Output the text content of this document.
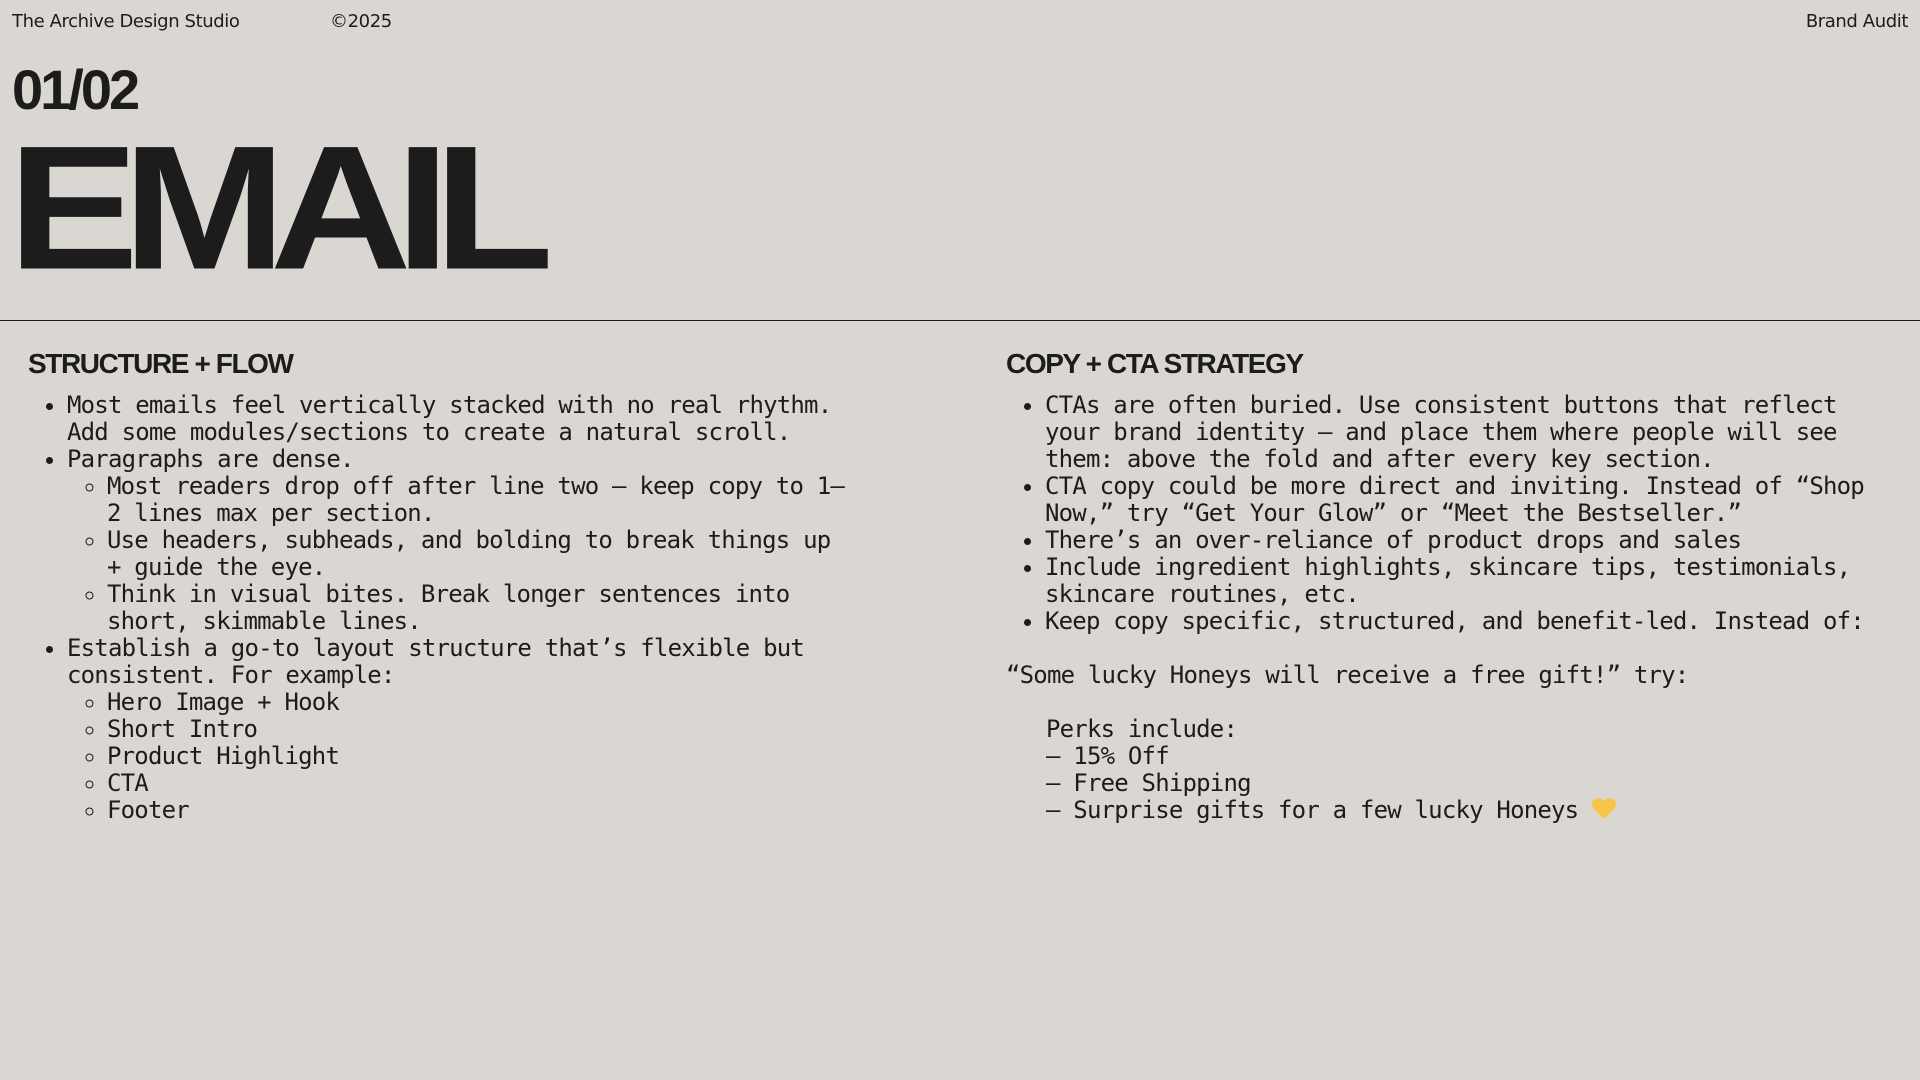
The Archive Design Studio	©2025	Brand Audit
01/02
EMAIL
STRUCTURE + FLOW
• Most emails feel vertically stacked with no real rhythm. Add some modules/sections to create a natural scroll.
• Paragraphs are dense.
◦ Most readers drop off after line two – keep copy to 1–2 lines max per section.
◦ Use headers, subheads, and bolding to break things up + guide the eye.
◦ Think in visual bites. Break longer sentences into short, skimmable lines.
• Establish a go-to layout structure that’s flexible but consistent. For example:
◦ Hero Image + Hook
◦ Short Intro
◦ Product Highlight
◦ CTA
◦ Footer
COPY + CTA STRATEGY
• CTAs are often buried. Use consistent buttons that reflect your brand identity – and place them where people will see them: above the fold and after every key section.
• CTA copy could be more direct and inviting. Instead of “Shop Now,” try “Get Your Glow” or “Meet the Bestseller.”
• There’s an over-reliance of product drops and sales
• Include ingredient highlights, skincare tips, testimonials, skincare routines, etc.
• Keep copy specific, structured, and benefit-led. Instead of:
“Some lucky Honeys will receive a free gift!” try:
Perks include:
– 15% Off
– Free Shipping
– Surprise gifts for a few lucky Honeys
